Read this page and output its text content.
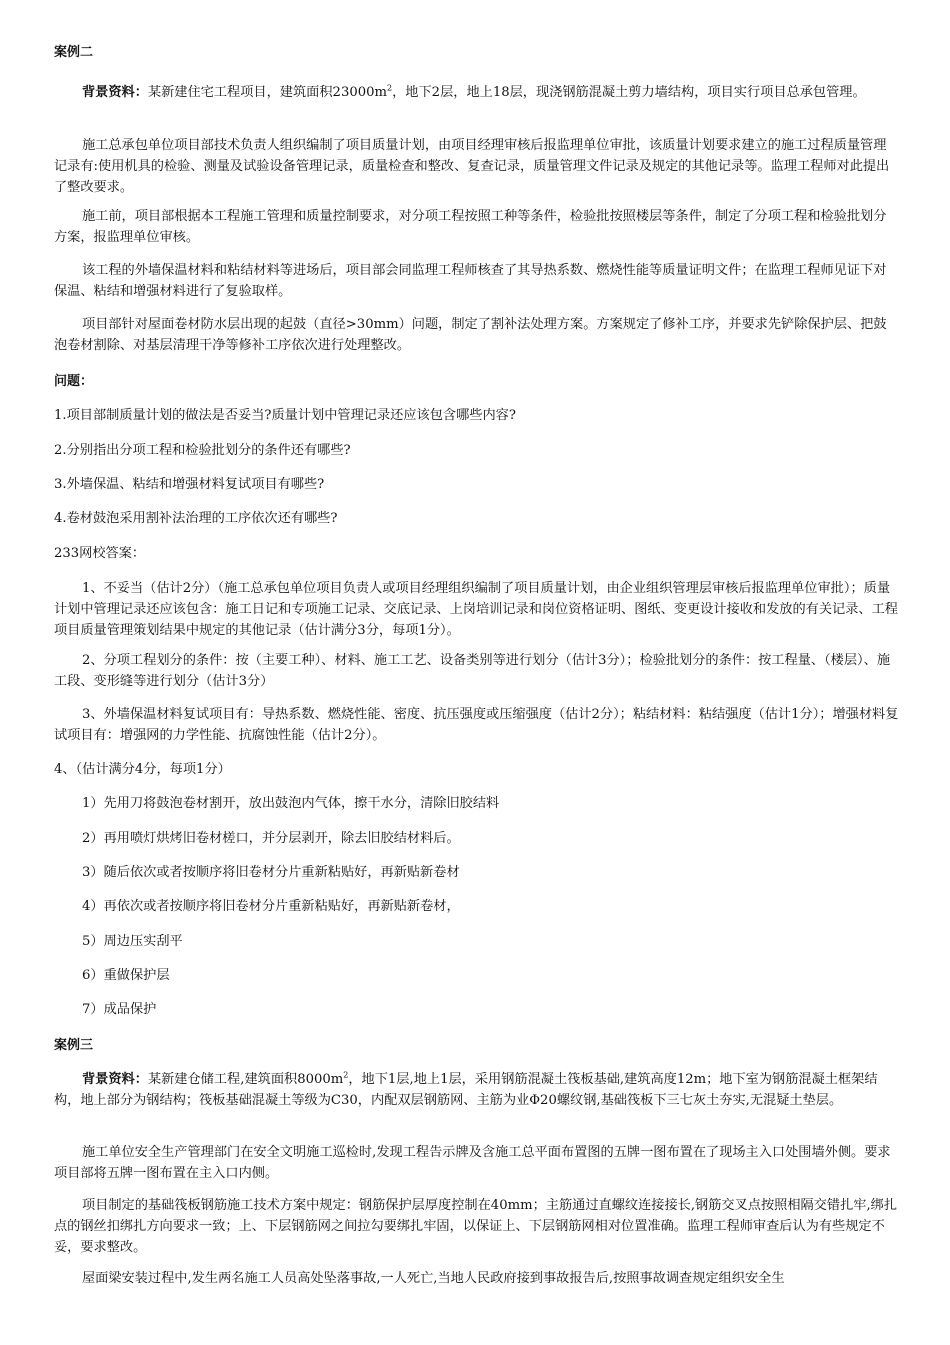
案例二

背景资料：某新建住宅工程项目，建筑面积$23000m^2$，地下2层，地上18层，现浇钢筋混凝土剪力墙结构，项目实行项目总承包管理。

施工总承包单位项目部技术负责人组织编制了项目质量计划，由项目经理审核后报监理单位审批，该质量计划要求建立的施工过程质量管理记录有:使用机具的检验、测量及试验设备管理记录，质量检查和整改、复查记录，质量管理文件记录及规定的其他记录等。监理工程师对此提出了整改要求。

施工前，项目部根据本工程施工管理和质量控制要求，对分项工程按照工种等条件，检验批按照楼层等条件，制定了分项工程和检验批划分方案，报监理单位审核。

该工程的外墙保温材料和粘结材料等进场后，项目部会同监理工程师核查了其导热系数、燃烧性能等质量证明文件；在监理工程师见证下对保温、粘结和增强材料进行了复验取样。

项目部针对屋面卷材防水层出现的起鼓（直径>30mm）问题，制定了割补法处理方案。方案规定了修补工序，并要求先铲除保护层、把鼓泡卷材割除、对基层清理干净等修补工序依次进行处理整改。

问题：

1.项目部制质量计划的做法是否妥当?质量计划中管理记录还应该包含哪些内容?

2.分别指出分项工程和检验批划分的条件还有哪些?

3.外墙保温、粘结和增强材料复试项目有哪些?

4.卷材鼓泡采用割补法治理的工序依次还有哪些?

233网校答案：

1、不妥当（估计2分）（施工总承包单位项目负责人或项目经理组织编制了项目质量计划，由企业组织管理层审核后报监理单位审批）；质量计划中管理记录还应该包含：施工日记和专项施工记录、交底记录、上岗培训记录和岗位资格证明、图纸、变更设计接收和发放的有关记录、工程项目质量管理策划结果中规定的其他记录（估计满分3分，每项1分）。

2、分项工程划分的条件：按（主要工种）、材料、施工工艺、设备类别等进行划分（估计3分）；检验批划分的条件：按工程量、（楼层）、施工段、变形缝等进行划分（估计3分）

3、外墙保温材料复试项目有：导热系数、燃烧性能、密度、抗压强度或压缩强度（估计2分）；粘结材料：粘结强度（估计1分）；增强材料复试项目有：增强网的力学性能、抗腐蚀性能（估计2分）。

4、（估计满分4分，每项1分）

1）先用刀将鼓泡卷材割开，放出鼓泡内气体，擦干水分，清除旧胶结料

2）再用喷灯烘烤旧卷材槎口，并分层剥开，除去旧胶结材料后。

3）随后依次或者按顺序将旧卷材分片重新粘贴好，再新贴新卷材

4）再依次或者按顺序将旧卷材分片重新粘贴好，再新贴新卷材，

5）周边压实刮平

6）重做保护层

7）成品保护

案例三

背景资料：某新建仓储工程,建筑面积$8000m^2$，地下1层,地上1层，采用钢筋混凝土筏板基础,建筑高度12m；地下室为钢筋混凝土框架结构，地上部分为钢结构；筏板基础混凝土等级为C30，内配双层钢筋网、主筋为业Φ20螺纹钢,基础筏板下三七灰土夯实,无混疑土垫层。

施工单位安全生产管理部门在安全文明施工巡检时,发现工程告示牌及含施工总平面布置图的五牌一图布置在了现场主入口处围墙外侧。要求项目部将五牌一图布置在主入口内侧。

项目制定的基础筏板钢筋施工技术方案中规定：钢筋保护层厚度控制在40mm；主筋通过直螺纹连接接长,钢筋交叉点按照相隔交错扎牢,绑扎点的钢丝扣绑扎方向要求一致；上、下层钢筋网之间拉勾要绑扎牢固，以保证上、下层钢筋网相对位置准确。监理工程师审查后认为有些规定不妥，要求整改。

屋面梁安装过程中,发生两名施工人员高处坠落事故,一人死亡,当地人民政府接到事故报告后,按照事故调查规定组织安全生
